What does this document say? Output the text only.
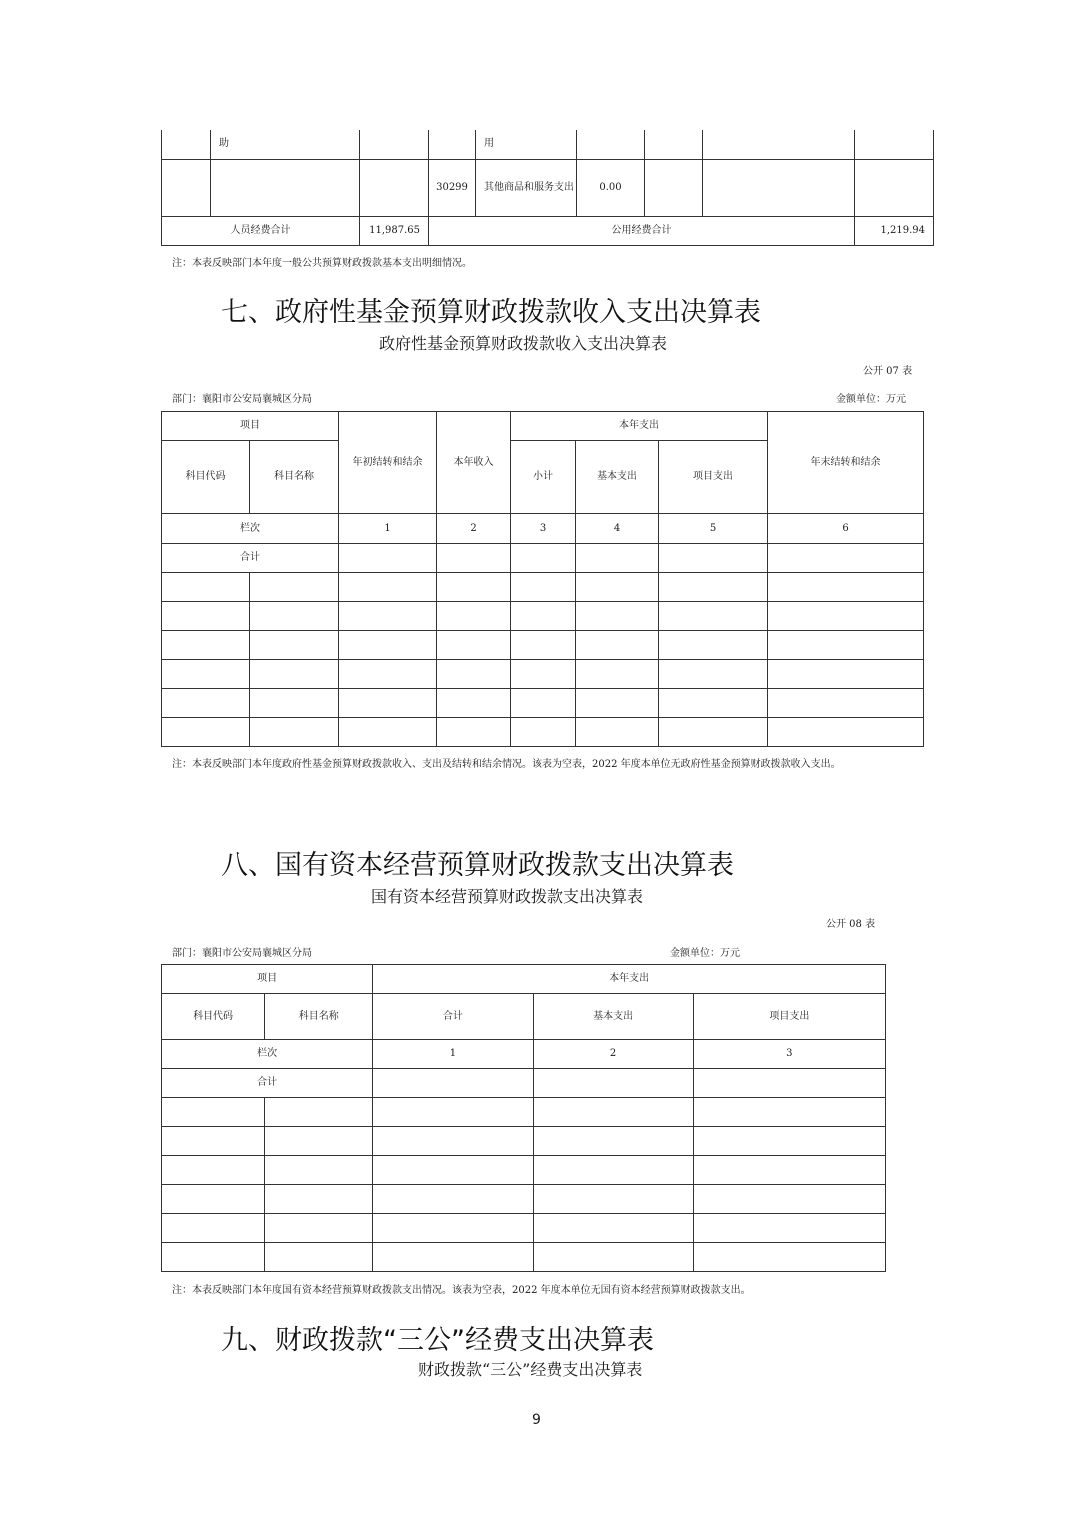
	助			用				
			30299	其他商品和服务支出	0.00			
人员经费合计		11,987.65	公用经费合计					1,219.94
注：本表反映部门本年度一般公共预算财政拨款基本支出明细情况。
七、政府性基金预算财政拨款收入支出决算表
政府性基金预算财政拨款收入支出决算表
公开 07 表
部门：襄阳市公安局襄城区分局	金额单位：万元
项目		年初结转和结余	本年收入	本年支出			年末结转和结余
科目代码	科目名称			小计	基本支出	项目支出	
栏次		1	2	3	4	5	6
合计							

注：本表反映部门本年度政府性基金预算财政拨款收入、支出及结转和结余情况。该表为空表，2022 年度本单位无政府性基金预算财政拨款收入支出。
八、国有资本经营预算财政拨款支出决算表
国有资本经营预算财政拨款支出决算表
公开 08 表
部门：襄阳市公安局襄城区分局	金额单位：万元
项目		本年支出		
科目代码	科目名称	合计	基本支出	项目支出
栏次		1	2	3
合计				

注：本表反映部门本年度国有资本经营预算财政拨款支出情况。该表为空表，2022 年度本单位无国有资本经营预算财政拨款支出。
九、财政拨款“三公”经费支出决算表
财政拨款“三公”经费支出决算表
9
